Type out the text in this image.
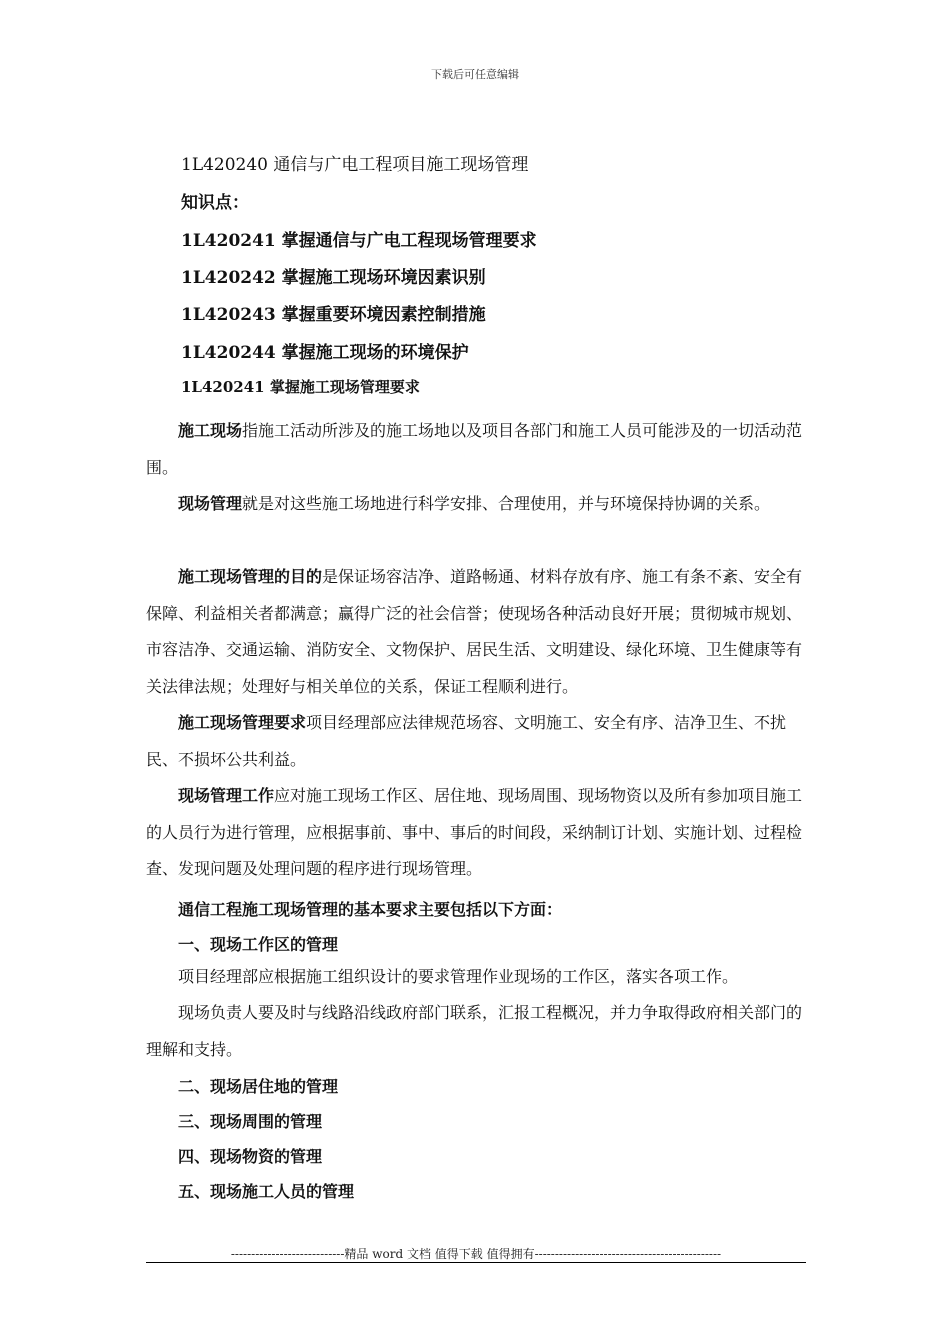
下载后可任意编辑
1L420240 通信与广电工程项目施工现场管理
知识点：
1L420241 掌握通信与广电工程现场管理要求
1L420242 掌握施工现场环境因素识别
1L420243 掌握重要环境因素控制措施
1L420244 掌握施工现场的环境保护
1L420241 掌握施工现场管理要求
施工现场指施工活动所涉及的施工场地以及项目各部门和施工人员可能涉及的一切活动范围。
现场管理就是对这些施工场地进行科学安排、合理使用，并与环境保持协调的关系。
施工现场管理的目的是保证场容洁净、道路畅通、材料存放有序、施工有条不紊、安全有保障、利益相关者都满意；赢得广泛的社会信誉；使现场各种活动良好开展；贯彻城市规划、市容洁净、交通运输、消防安全、文物保护、居民生活、文明建设、绿化环境、卫生健康等有关法律法规；处理好与相关单位的关系，保证工程顺利进行。
施工现场管理要求项目经理部应法律规范场容、文明施工、安全有序、洁净卫生、不扰民、不损坏公共利益。
现场管理工作应对施工现场工作区、居住地、现场周围、现场物资以及所有参加项目施工的人员行为进行管理，应根据事前、事中、事后的时间段，采纳制订计划、实施计划、过程检查、发现问题及处理问题的程序进行现场管理。
通信工程施工现场管理的基本要求主要包括以下方面：
一、现场工作区的管理
项目经理部应根据施工组织设计的要求管理作业现场的工作区，落实各项工作。
现场负责人要及时与线路沿线政府部门联系，汇报工程概况，并力争取得政府相关部门的理解和支持。
二、现场居住地的管理
三、现场周围的管理
四、现场物资的管理
五、现场施工人员的管理
----------------------------精品 word 文档 值得下载 值得拥有----------------------------------------------
